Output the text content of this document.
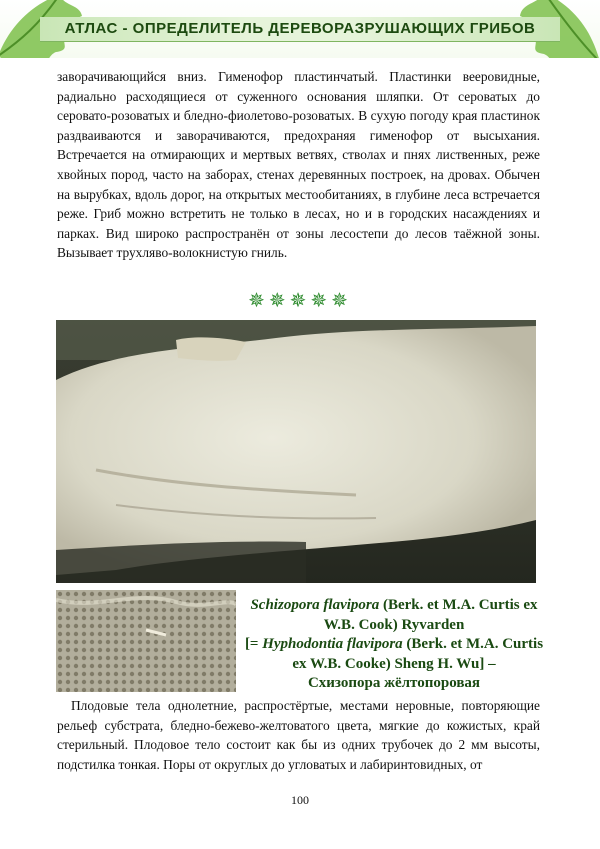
АТЛАС - ОПРЕДЕЛИТЕЛЬ ДЕРЕВОРАЗРУШАЮЩИХ ГРИБОВ
заворачивающийся вниз. Гименофор пластинчатый. Пластинки вееровидные, радиально расходящиеся от суженного основания шляпки. От сероватых до серовато-розоватых и бледно-фиолетово-розоватых. В сухую погоду края пластинок раздваиваются и заворачиваются, предохраняя гименофор от высыхания. Встречается на отмирающих и мертвых ветвях, стволах и пнях лиственных, реже хвойных пород, часто на заборах, стенах деревянных построек, на дровах. Обычен на вырубках, вдоль дорог, на открытых местообитаниях, в глубине леса встречается реже. Гриб можно встретить не только в лесах, но и в городских насаждениях и парках. Вид широко распространён от зоны лесостепи до лесов таёжной зоны. Вызывает трухляво-волокнистую гниль.
✵✵✵✵✵
Schizopora flavipora (Berk. et M.A. Curtis ex W.B. Cook) Ryvarden
[= Hyphodontia flavipora (Berk. et M.A. Curtis ex W.B. Cooke) Sheng H. Wu] –
Схизопора жёлтопоровая
Плодовые тела однолетние, распростёртые, местами неровные, повторяющие рельеф субстрата, бледно-бежево-желтоватого цвета, мягкие до кожистых, край стерильный. Плодовое тело состоит как бы из одних трубочек до 2 мм высоты, подстилка тонкая. Поры от округлых до угловатых и лабиринтовидных, от
100
